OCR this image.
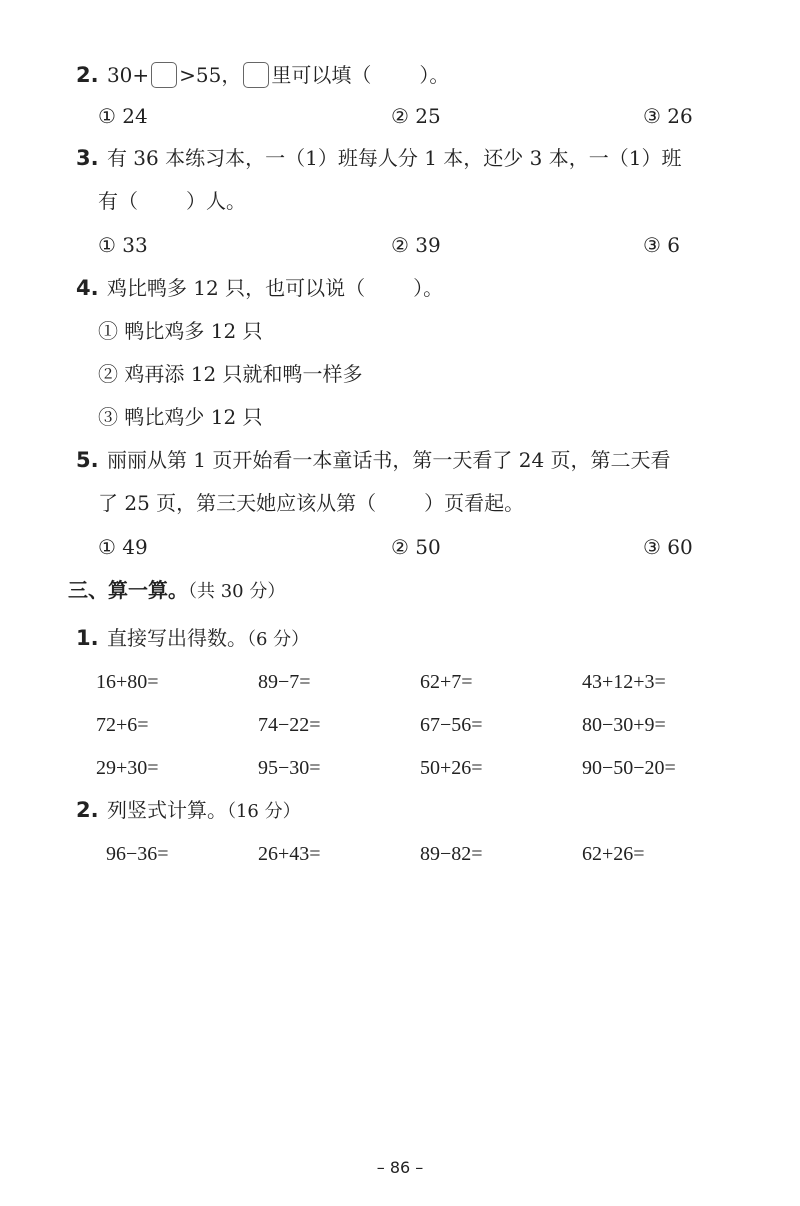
2. 30+ >55， 里可以填（ ）。
① 24	② 25	③ 26
3. 有 36 本练习本，一（1）班每人分 1 本，还少 3 本，一（1）班
有（ ）人。
① 33	② 39	③ 6
4. 鸡比鸭多 12 只，也可以说（ ）。
① 鸭比鸡多 12 只
② 鸡再添 12 只就和鸭一样多
③ 鸭比鸡少 12 只
5. 丽丽从第 1 页开始看一本童话书，第一天看了 24 页，第二天看
了 25 页，第三天她应该从第（ ）页看起。
① 49	② 50	③ 60
三、算一算。（共 30 分）
1. 直接写出得数。（6 分）
16+80=	89−7=	62+7=	43+12+3=
72+6=	74−22=	67−56=	80−30+9=
29+30=	95−30=	50+26=	90−50−20=
2. 列竖式计算。（16 分）
96−36=	26+43=	89−82=	62+26=
– 86 –
